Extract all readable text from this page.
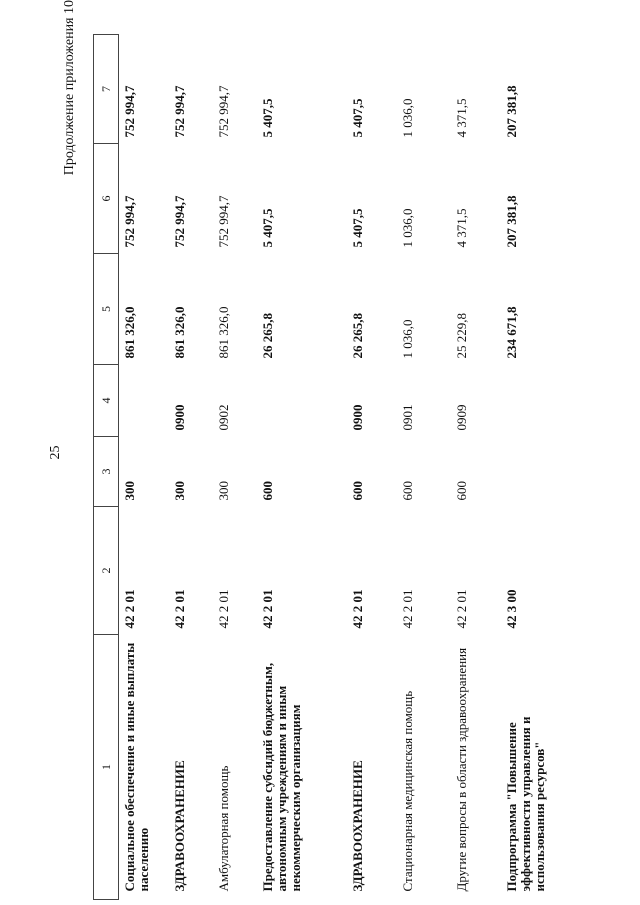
25
Продолжение приложения 10
1	2	3	4	5	6	7
Социальное обеспечение и иные выплаты населению	42 2 01	300		861 326,0	752 994,7	752 994,7
ЗДРАВООХРАНЕНИЕ	42 2 01	300	0900	861 326,0	752 994,7	752 994,7
Амбулаторная помощь	42 2 01	300	0902	861 326,0	752 994,7	752 994,7
Предоставление субсидий бюджетным, автономным учреждениям и иным некоммерческим организациям	42 2 01	600		26 265,8	5 407,5	5 407,5
ЗДРАВООХРАНЕНИЕ	42 2 01	600	0900	26 265,8	5 407,5	5 407,5
Стационарная медицинская помощь	42 2 01	600	0901	1 036,0	1 036,0	1 036,0
Другие вопросы в области здравоохранения	42 2 01	600	0909	25 229,8	4 371,5	4 371,5
Подпрограмма "Повышение эффективности управления и использования ресурсов"	42 3 00			234 671,8	207 381,8	207 381,8
